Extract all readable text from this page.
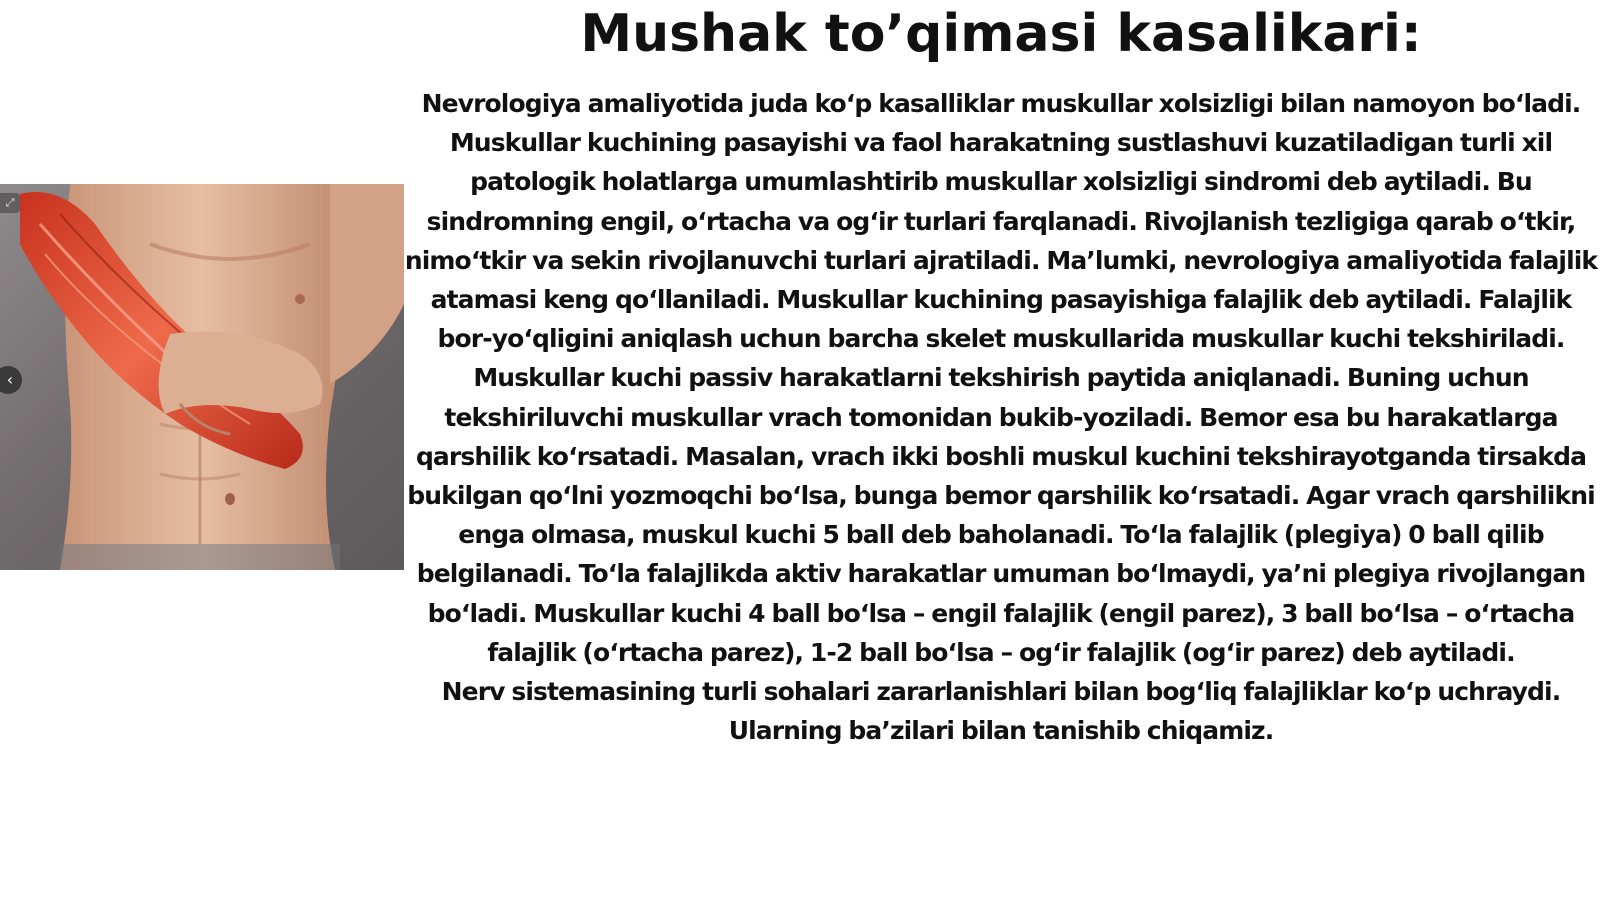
⤢
‹
Mushak to’qimasi kasalikari:

Nevrologiya amaliyotida juda ko‘p kasalliklar muskullar xolsizligi bilan namoyon bo‘ladi. Muskullar kuchining pasayishi va faol harakatning sustlashuvi kuzatiladigan turli xil patologik holatlarga umumlashtirib muskullar xolsizligi sindromi deb aytiladi. Bu sindromning engil, o‘rtacha va og‘ir turlari farqlanadi. Rivojlanish tezligiga qarab o‘tkir, nimo‘tkir va sekin rivojlanuvchi turlari ajratiladi. Ma’lumki, nevrologiya amaliyotida falajlik atamasi keng qo‘llaniladi. Muskullar kuchining pasayishiga falajlik deb aytiladi. Falajlik bor-yo‘qligini aniqlash uchun barcha skelet muskullarida muskullar kuchi tekshiriladi. Muskullar kuchi passiv harakatlarni tekshirish paytida aniqlanadi. Buning uchun tekshiriluvchi muskullar vrach tomonidan bukib-yoziladi. Bemor esa bu harakatlarga qarshilik ko‘rsatadi. Masalan, vrach ikki boshli muskul kuchini tekshirayotganda tirsakda bukilgan qo‘lni yozmoqchi bo‘lsa, bunga bemor qarshilik ko‘rsatadi. Agar vrach qarshilikni enga olmasa, muskul kuchi 5 ball deb baholanadi. To‘la falajlik (plegiya) 0 ball qilib belgilanadi. To‘la falajlikda aktiv harakatlar umuman bo‘lmaydi, ya’ni plegiya rivojlangan bo‘ladi. Muskullar kuchi 4 ball bo‘lsa – engil falajlik (engil parez), 3 ball bo‘lsa – o‘rtacha falajlik (o‘rtacha parez), 1-2 ball bo‘lsa – og‘ir falajlik (og‘ir parez) deb aytiladi.

Nerv sistemasining turli sohalari zararlanishlari bilan bog‘liq falajliklar ko‘p uchraydi. Ularning ba’zilari bilan tanishib chiqamiz.
